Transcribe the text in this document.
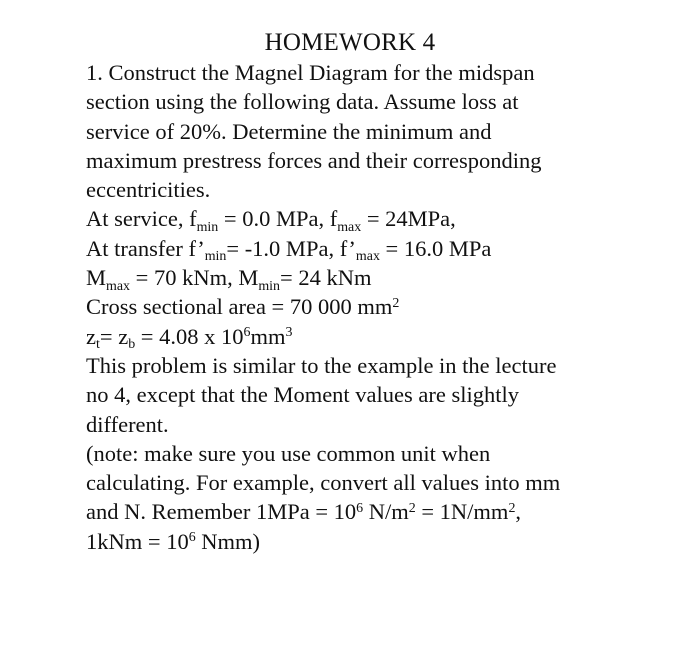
HOMEWORK 4
1. Construct the Magnel Diagram for the midspan
section using the following data. Assume loss at
service of 20%. Determine the minimum and
maximum prestress forces and their corresponding
eccentricities.
At service, $f_{min} = 0.0$ MPa, $f_{max} = 24MPa$,
At transfer $f’_{min}= -1.0$ MPa, $f’_{max} = 16.0$ MPa
$M_{max} = 70$ kNm, $M_{min}= 24$ kNm
Cross sectional area = 70 000 $mm^2$
$z_t= z_b = 4.08$ x $10^6mm^3$
This problem is similar to the example in the lecture
no 4, except that the Moment values are slightly
different.
(note: make sure you use common unit when
calculating. For example, convert all values into mm
and N. Remember $1MPa = 10^6$ $N/m^2 = 1N/mm^2$,
$1kNm = 10^6$ Nmm)
